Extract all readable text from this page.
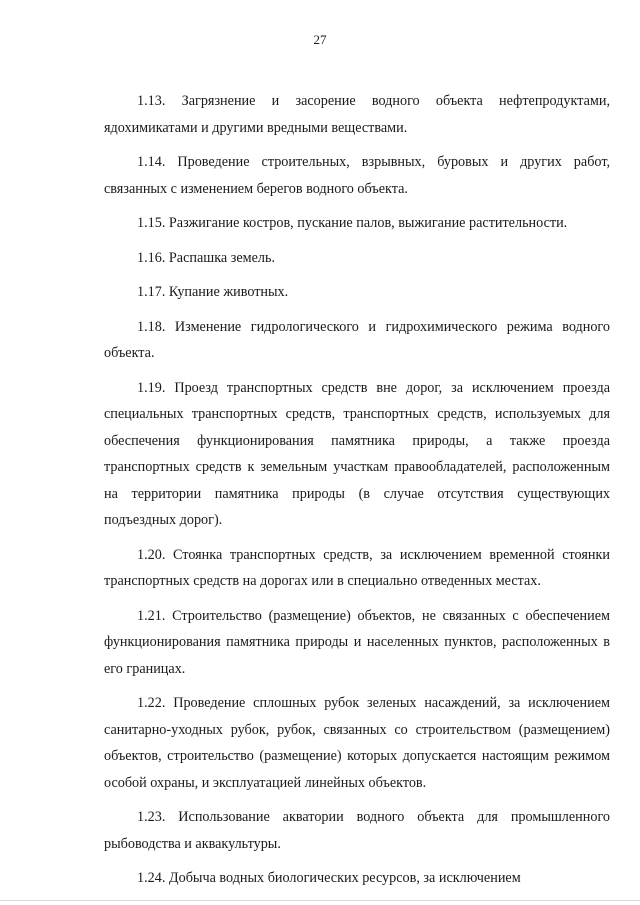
27

1.13. Загрязнение и засорение водного объекта нефтепродуктами, ядохимикатами и другими вредными веществами.

1.14. Проведение строительных, взрывных, буровых и других работ, связанных с изменением берегов водного объекта.

1.15. Разжигание костров, пускание палов, выжигание растительности.

1.16. Распашка земель.

1.17. Купание животных.

1.18. Изменение гидрологического и гидрохимического режима водного объекта.

1.19. Проезд транспортных средств вне дорог, за исключением проезда специальных транспортных средств, транспортных средств, используемых для обеспечения функционирования памятника природы, а также проезда транспортных средств к земельным участкам правообладателей, расположенным на территории памятника природы (в случае отсутствия существующих подъездных дорог).

1.20. Стоянка транспортных средств, за исключением временной стоянки транспортных средств на дорогах или в специально отведенных местах.

1.21. Строительство (размещение) объектов, не связанных с обеспечением функционирования памятника природы и населенных пунктов, расположенных в его границах.

1.22. Проведение сплошных рубок зеленых насаждений, за исключением санитарно-уходных рубок, рубок, связанных со строительством (размещением) объектов, строительство (размещение) которых допускается настоящим режимом особой охраны, и эксплуатацией линейных объектов.

1.23. Использование акватории водного объекта для промышленного рыбоводства и аквакультуры.

1.24. Добыча водных биологических ресурсов, за исключением
